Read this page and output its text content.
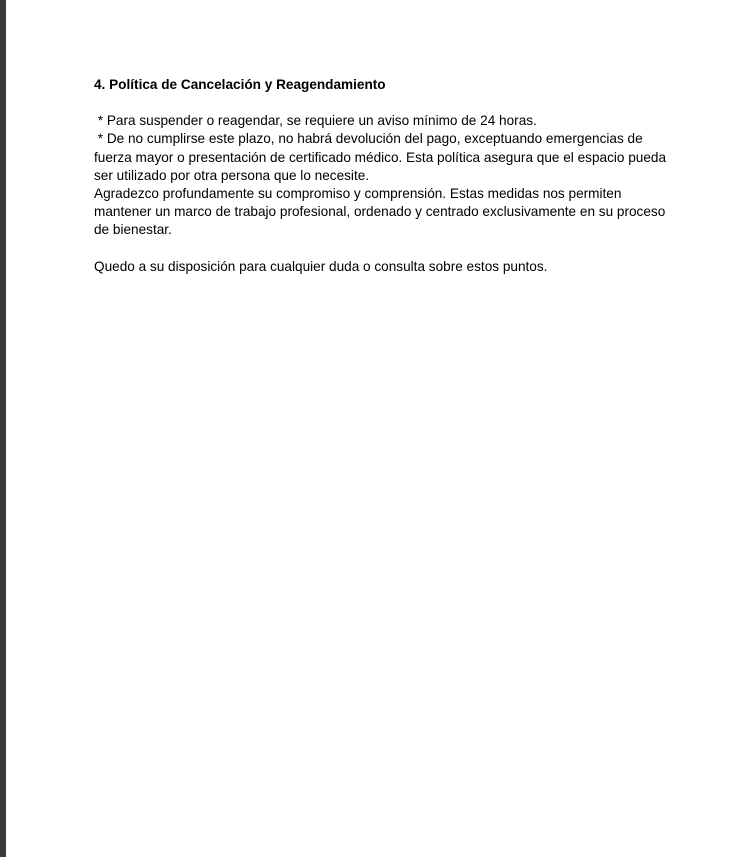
4. Política de Cancelación y Reagendamiento

* Para suspender o reagendar, se requiere un aviso mínimo de 24 horas.

* De no cumplirse este plazo, no habrá devolución del pago, exceptuando emergencias de fuerza mayor o presentación de certificado médico. Esta política asegura que el espacio pueda ser utilizado por otra persona que lo necesite.

Agradezco profundamente su compromiso y comprensión. Estas medidas nos permiten mantener un marco de trabajo profesional, ordenado y centrado exclusivamente en su proceso de bienestar.

Quedo a su disposición para cualquier duda o consulta sobre estos puntos.
